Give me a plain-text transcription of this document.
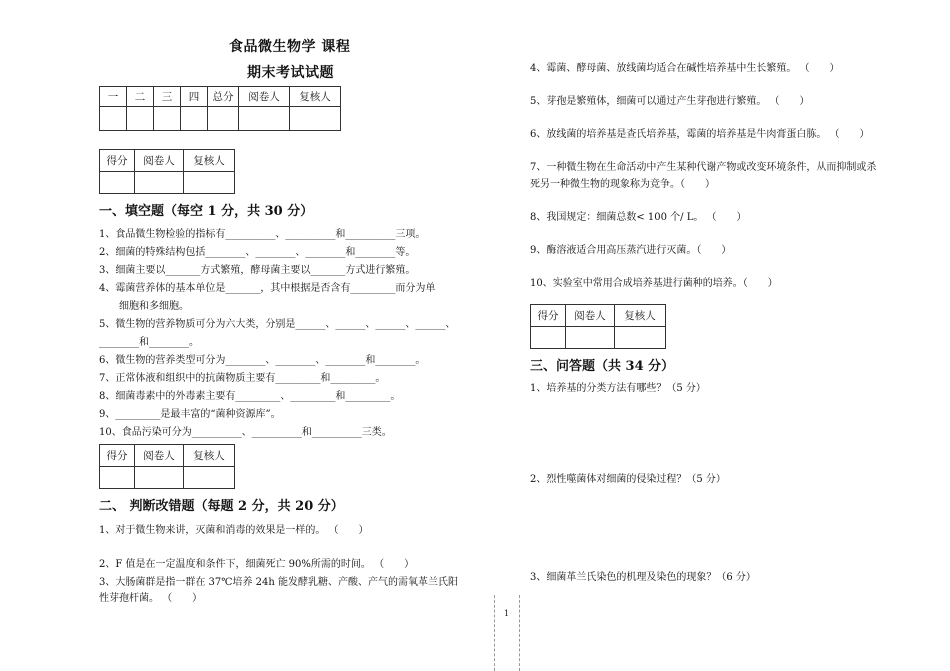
食品微生物学 课程
期末考试试题
一	二	三	四	总分	阅卷人	复核人

得分	阅卷人	复核人

一、填空题（每空 1 分，共 30 分）
1、食品微生物检验的指标有__________、__________和__________三项。
2、细菌的特殊结构包括________、________、________和________等。
3、细菌主要以_______方式繁殖，酵母菌主要以_______方式进行繁殖。
4、霉菌营养体的基本单位是_______，其中根据是否含有_________而分为单
细胞和多细胞。
5、微生物的营养物质可分为六大类，分别是______、______、______、______、
________和________。
6、微生物的营养类型可分为________、________、________和________。
7、正常体液和组织中的抗菌物质主要有_________和_________。
8、细菌毒素中的外毒素主要有_________、_________和_________。
9、_________是最丰富的“菌种资源库”。
10、食品污染可分为__________、__________和__________三类。
得分	阅卷人	复核人

二、 判断改错题（每题 2 分，共 20 分）
1、对于微生物来讲，灭菌和消毒的效果是一样的。 （　　）
2、F 值是在一定温度和条件下，细菌死亡 90%所需的时间。 （　　）
3、大肠菌群是指一群在 37℃培养 24h 能发酵乳糖、产酸、产气的需氧革兰氏阳
性芽孢杆菌。 （　　）
4、霉菌、酵母菌、放线菌均适合在碱性培养基中生长繁殖。 （　　）
5、芽孢是繁殖体，细菌可以通过产生芽孢进行繁殖。 （　　）
6、放线菌的培养基是查氏培养基，霉菌的培养基是牛肉膏蛋白胨。 （　　）
7、一种微生物在生命活动中产生某种代谢产物或改变环境条件，从而抑制或杀
死另一种微生物的现象称为竞争。（　　）
8、我国规定：细菌总数< 100 个/ L。 （　　）
9、酶溶液适合用高压蒸汽进行灭菌。（　　）
10、实验室中常用合成培养基进行菌种的培养。（　　）
得分	阅卷人	复核人

三、问答题（共 34 分）
1、培养基的分类方法有哪些？（5 分）
2、烈性噬菌体对细菌的侵染过程？（5 分）
3、细菌革兰氏染色的机理及染色的现象？（6 分）
1
